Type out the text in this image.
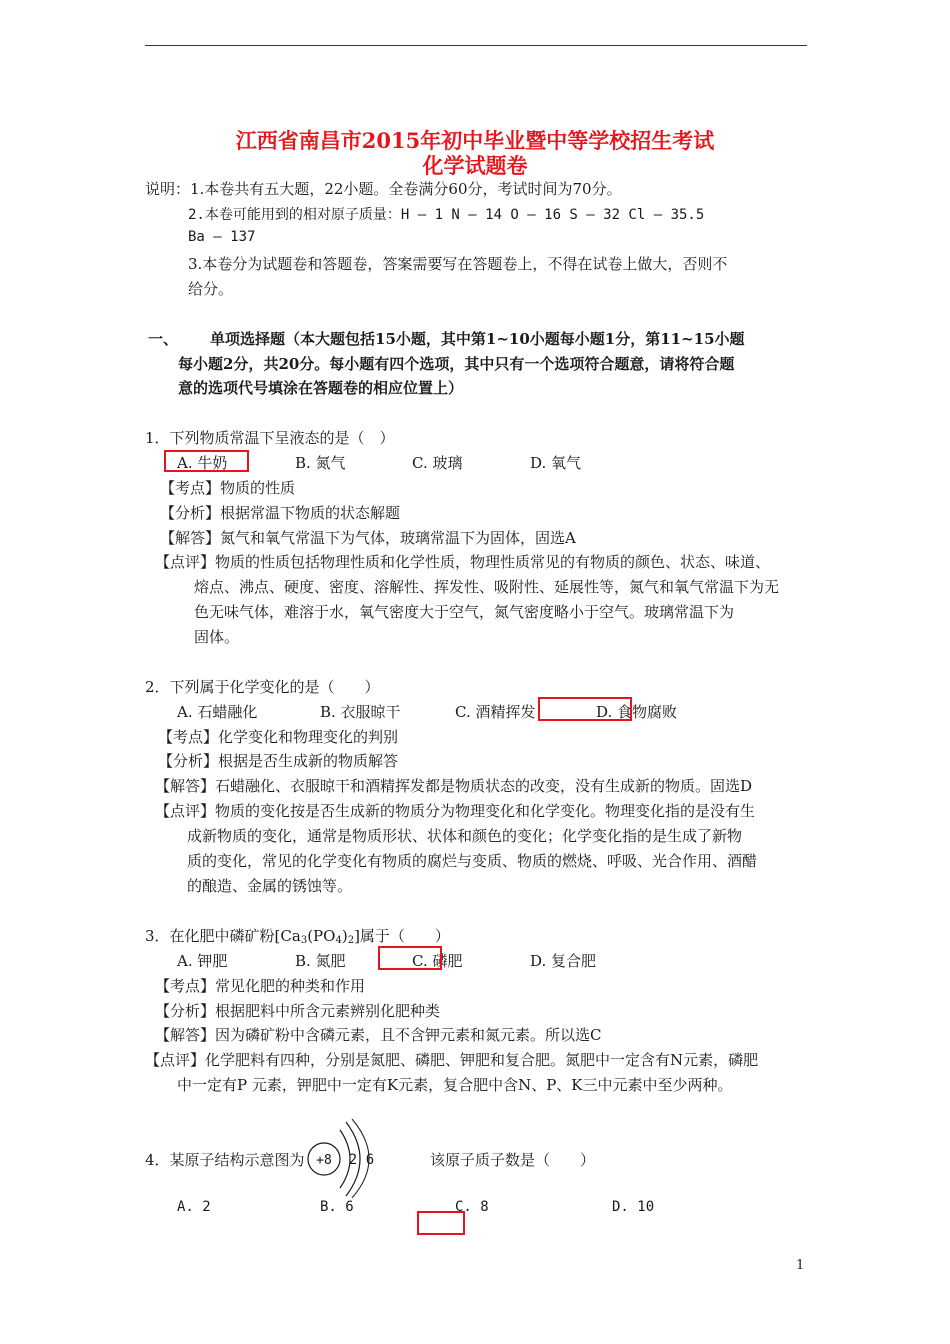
江西省南昌市2015年初中毕业暨中等学校招生考试
化学试题卷
说明：1.本卷共有五大题，22小题。全卷满分60分，考试时间为70分。
2.本卷可能用到的相对原子质量：H – 1 N – 14 O – 16 S – 32 Cl – 35.5
Ba – 137
3.本卷分为试题卷和答题卷，答案需要写在答题卷上，不得在试卷上做大，否则不
给分。
一、 单项选择题（本大题包括15小题，其中第1~10小题每小题1分，第11~15小题
每小题2分，共20分。每小题有四个选项，其中只有一个选项符合题意，请将符合题
意的选项代号填涂在答题卷的相应位置上）
1．下列物质常温下呈液态的是（　）
A. 牛奶	B. 氮气	C. 玻璃	D. 氧气
【考点】物质的性质
【分析】根据常温下物质的状态解题
【解答】氮气和氧气常温下为气体，玻璃常温下为固体，固选A
【点评】物质的性质包括物理性质和化学性质，物理性质常见的有物质的颜色、状态、味道、
熔点、沸点、硬度、密度、溶解性、挥发性、吸附性、延展性等，氮气和氧气常温下为无
色无味气体，难溶于水，氧气密度大于空气，氮气密度略小于空气。玻璃常温下为
固体。
2．下列属于化学变化的是（　　）
A. 石蜡融化	B. 衣服晾干	C. 酒精挥发	D. 食物腐败
【考点】化学变化和物理变化的判别
【分析】根据是否生成新的物质解答
【解答】石蜡融化、衣服晾干和酒精挥发都是物质状态的改变，没有生成新的物质。固选D
【点评】物质的变化按是否生成新的物质分为物理变化和化学变化。物理变化指的是没有生
成新物质的变化，通常是物质形状、状体和颜色的变化；化学变化指的是生成了新物
质的变化，常见的化学变化有物质的腐烂与变质、物质的燃烧、呼吸、光合作用、酒醋
的酿造、金属的锈蚀等。
3．在化肥中磷矿粉$[Ca_3(PO_4)_2]$属于（　　）
A. 钾肥	B. 氮肥	C. 磷肥	D. 复合肥
【考点】常见化肥的种类和作用
【分析】根据肥料中所含元素辨别化肥种类
【解答】因为磷矿粉中含磷元素，且不含钾元素和氮元素。所以选C
【点评】化学肥料有四种，分别是氮肥、磷肥、钾肥和复合肥。氮肥中一定含有N元素，磷肥
中一定有P 元素，钾肥中一定有K元素，复合肥中含N、P、K三中元素中至少两种。
4．某原子结构示意图为 +8 2 6	该原子质子数是（　　）
A. 2	B. 6	C. 8	D. 10
1
